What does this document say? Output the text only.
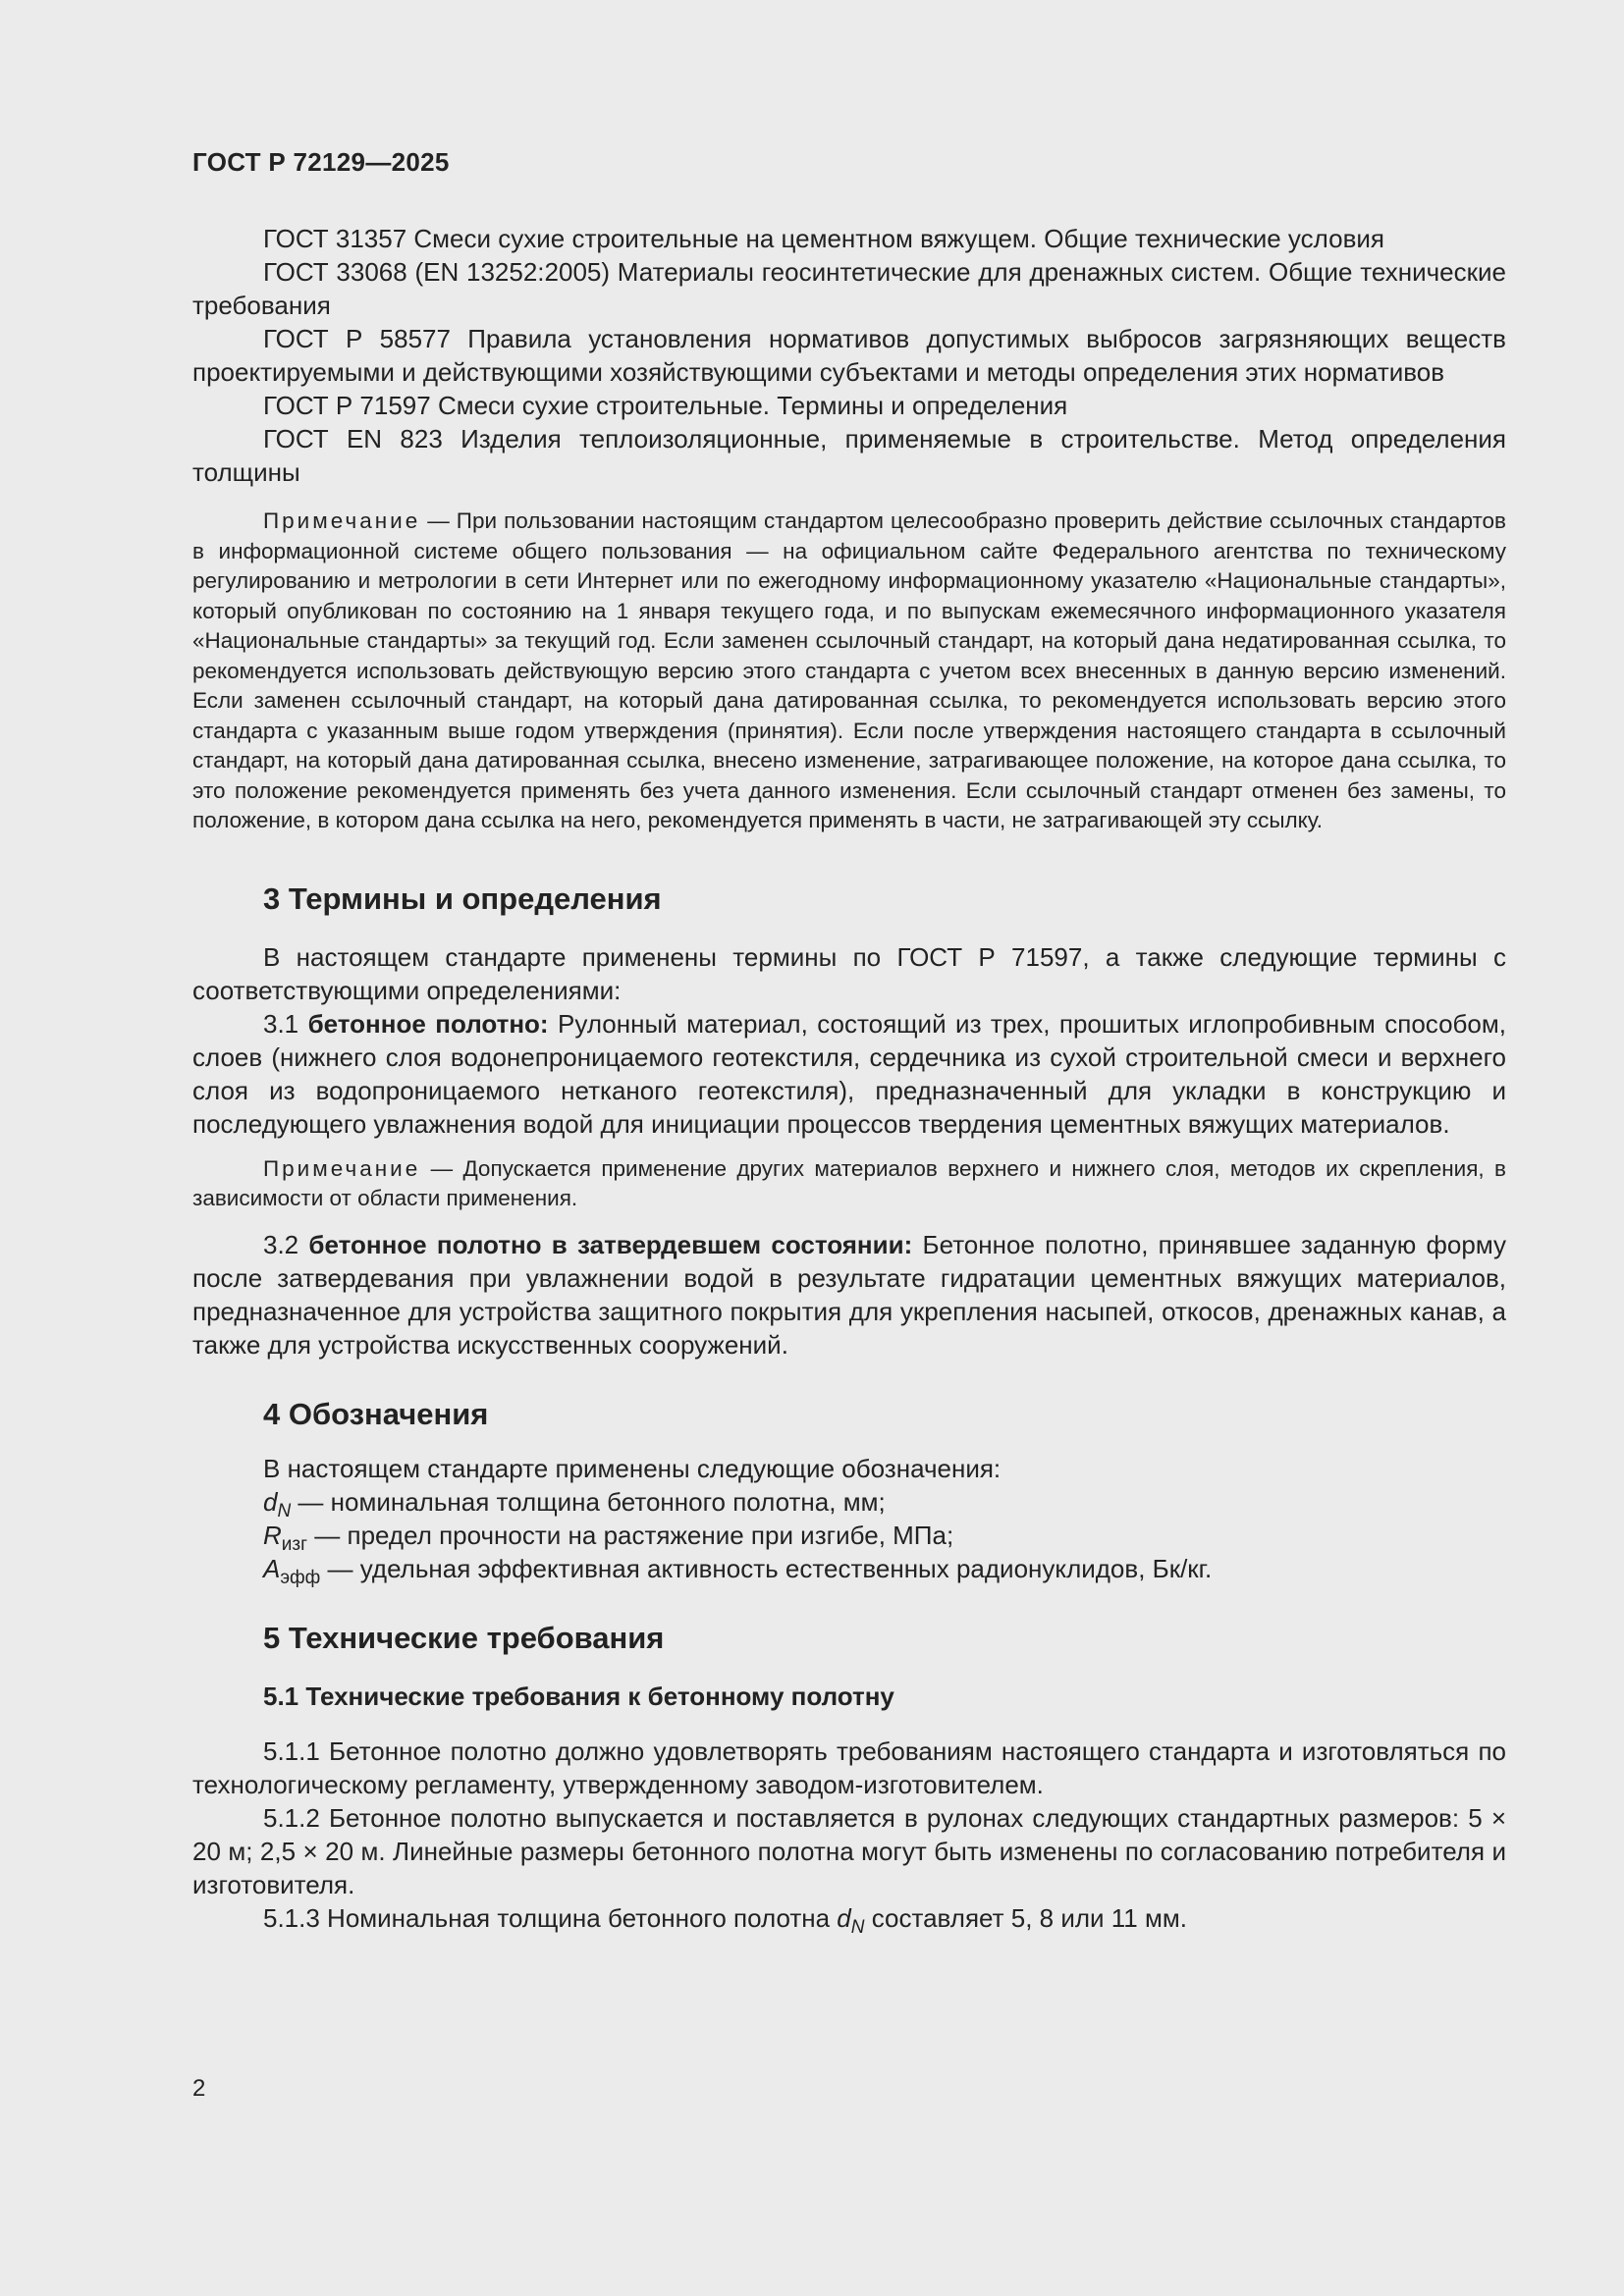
ГОСТ Р 72129—2025

ГОСТ 31357 Смеси сухие строительные на цементном вяжущем. Общие технические условия

ГОСТ 33068 (EN 13252:2005) Материалы геосинтетические для дренажных систем. Общие технические требования

ГОСТ Р 58577 Правила установления нормативов допустимых выбросов загрязняющих веществ проектируемыми и действующими хозяйствующими субъектами и методы определения этих нормативов

ГОСТ Р 71597 Смеси сухие строительные. Термины и определения

ГОСТ EN 823 Изделия теплоизоляционные, применяемые в строительстве. Метод определения толщины

Примечание — При пользовании настоящим стандартом целесообразно проверить действие ссылочных стандартов в информационной системе общего пользования — на официальном сайте Федерального агентства по техническому регулированию и метрологии в сети Интернет или по ежегодному информационному указателю «Национальные стандарты», который опубликован по состоянию на 1 января текущего года, и по выпускам ежемесячного информационного указателя «Национальные стандарты» за текущий год. Если заменен ссылочный стандарт, на который дана недатированная ссылка, то рекомендуется использовать действующую версию этого стандарта с учетом всех внесенных в данную версию изменений. Если заменен ссылочный стандарт, на который дана датированная ссылка, то рекомендуется использовать версию этого стандарта с указанным выше годом утверждения (принятия). Если после утверждения настоящего стандарта в ссылочный стандарт, на который дана датированная ссылка, внесено изменение, затрагивающее положение, на которое дана ссылка, то это положение рекомендуется применять без учета данного изменения. Если ссылочный стандарт отменен без замены, то положение, в котором дана ссылка на него, рекомендуется применять в части, не затрагивающей эту ссылку.

3 Термины и определения

В настоящем стандарте применены термины по ГОСТ Р 71597, а также следующие термины с соответствующими определениями:

3.1 бетонное полотно: Рулонный материал, состоящий из трех, прошитых иглопробивным способом, слоев (нижнего слоя водонепроницаемого геотекстиля, сердечника из сухой строительной смеси и верхнего слоя из водопроницаемого нетканого геотекстиля), предназначенный для укладки в конструкцию и последующего увлажнения водой для инициации процессов твердения цементных вяжущих материалов.

Примечание — Допускается применение других материалов верхнего и нижнего слоя, методов их скрепления, в зависимости от области применения.

3.2 бетонное полотно в затвердевшем состоянии: Бетонное полотно, принявшее заданную форму после затвердевания при увлажнении водой в результате гидратации цементных вяжущих материалов, предназначенное для устройства защитного покрытия для укрепления насыпей, откосов, дренажных канав, а также для устройства искусственных сооружений.

4 Обозначения

В настоящем стандарте применены следующие обозначения:

$d_N$ — номинальная толщина бетонного полотна, мм;

$R_{изг}$ — предел прочности на растяжение при изгибе, МПа;

$A_{эфф}$ — удельная эффективная активность естественных радионуклидов, Бк/кг.

5 Технические требования
5.1 Технические требования к бетонному полотну

5.1.1 Бетонное полотно должно удовлетворять требованиям настоящего стандарта и изготовляться по технологическому регламенту, утвержденному заводом-изготовителем.

5.1.2 Бетонное полотно выпускается и поставляется в рулонах следующих стандартных размеров: 5 × 20 м; 2,5 × 20 м. Линейные размеры бетонного полотна могут быть изменены по согласованию потребителя и изготовителя.

5.1.3 Номинальная толщина бетонного полотна $d_N$ составляет 5, 8 или 11 мм.

2
